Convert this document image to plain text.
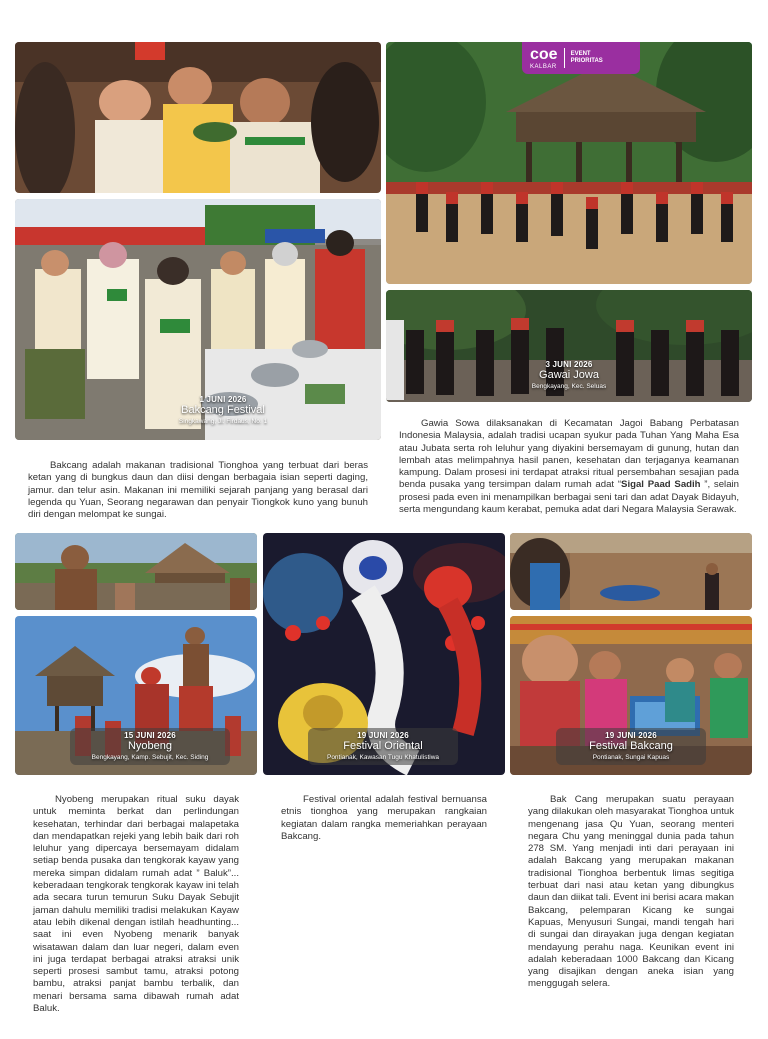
1 JUNI 2026
Bakcang Festival
Singkawang, Jl. Firdaus, No. 1
coe
KALBAR
EVENT
PRIORITAS
3 JUNI 2026
Gawai Jowa
Bengkayang, Kec. Seluas

Bakcang adalah makanan tradisional Tionghoa yang terbuat dari beras ketan yang di bungkus daun dan diisi dengan berbagaia isian seperti daging, jamur. dan telur asin. Makanan ini memiliki sejarah panjang yang berasal dari legenda qu Yuan, Seorang negarawan dan penyair Tiongkok kuno yang bunuh diri dengan melompat ke sungai.

Gawia Sowa dilaksanakan di Kecamatan Jagoi Babang Perbatasan Indonesia Malaysia, adalah tradisi ucapan syukur pada Tuhan Yang Maha Esa atau Jubata serta roh leluhur yang diyakini bersemayam di gunung, hutan dan lembah atas melimpahnya hasil panen, kesehatan dan terjaganya keamanan kampung. Dalam prosesi ini terdapat atraksi ritual persembahan sesajian pada benda pusaka yang tersimpan dalam rumah adat “Sigal Paad Sadih ”, selain prosesi pada even ini menampilkan berbagai seni tari dan adat Dayak Bidayuh, serta mengundang kaum kerabat, pemuka adat dari Negara Malaysia Serawak.

15 JUNI 2026
Nyobeng
Bengkayang, Kamp. Sebujit, Kec. Siding
19 JUNI 2026
Festival Oriental
Pontianak, Kawasan Tugu Khatulistiwa
19 JUNI 2026
Festival Bakcang
Pontianak, Sungai Kapuas

Nyobeng merupakan ritual suku dayak untuk meminta berkat dan perlindungan kesehatan, terhindar dari berbagai malapetaka dan mendapatkan rejeki yang lebih baik dari roh leluhur yang dipercaya bersemayam didalam setiap benda pusaka dan tengkorak kayaw yang mereka simpan didalam rumah adat ” Baluk”... keberadaan tengkorak tengkorak kayaw ini telah ada secara turun temurun Suku Dayak Sebujit jaman dahulu memiliki tradisi melakukan Kayaw atau lebih dikenal dengan istilah headhunting... saat ini even Nyobeng menarik banyak wisatawan dalam dan luar negeri, dalam even ini juga terdapat berbagai atraksi atraksi unik seperti prosesi sambut tamu, atraksi potong bambu, atraksi panjat bambu terbalik, dan menari bersama sama dibawah rumah adat Baluk.

Festival oriental adalah festival bernuansa etnis tionghoa yang merupakan rangkaian kegiatan dalam rangka memeriahkan perayaan Bakcang.

Bak Cang merupakan suatu perayaan yang dilakukan oleh masyarakat Tionghoa untuk mengenang jasa Qu Yuan, seorang menteri negara Chu yang meninggal dunia pada tahun 278 SM. Yang menjadi inti dari perayaan ini adalah Bakcang yang merupakan makanan tradisional Tionghoa berbentuk limas segitiga terbuat dari nasi atau ketan yang dibungkus daun dan diikat tali. Event ini berisi acara makan Bakcang, pelemparan Kicang ke sungai Kapuas, Menyusuri Sungai, mandi tengah hari di sungai dan dirayakan juga dengan kegiatan mendayung perahu naga. Keunikan event ini adalah keberadaan 1000 Bakcang dan Kicang yang disajikan dengan aneka isian yang menggugah selera.
